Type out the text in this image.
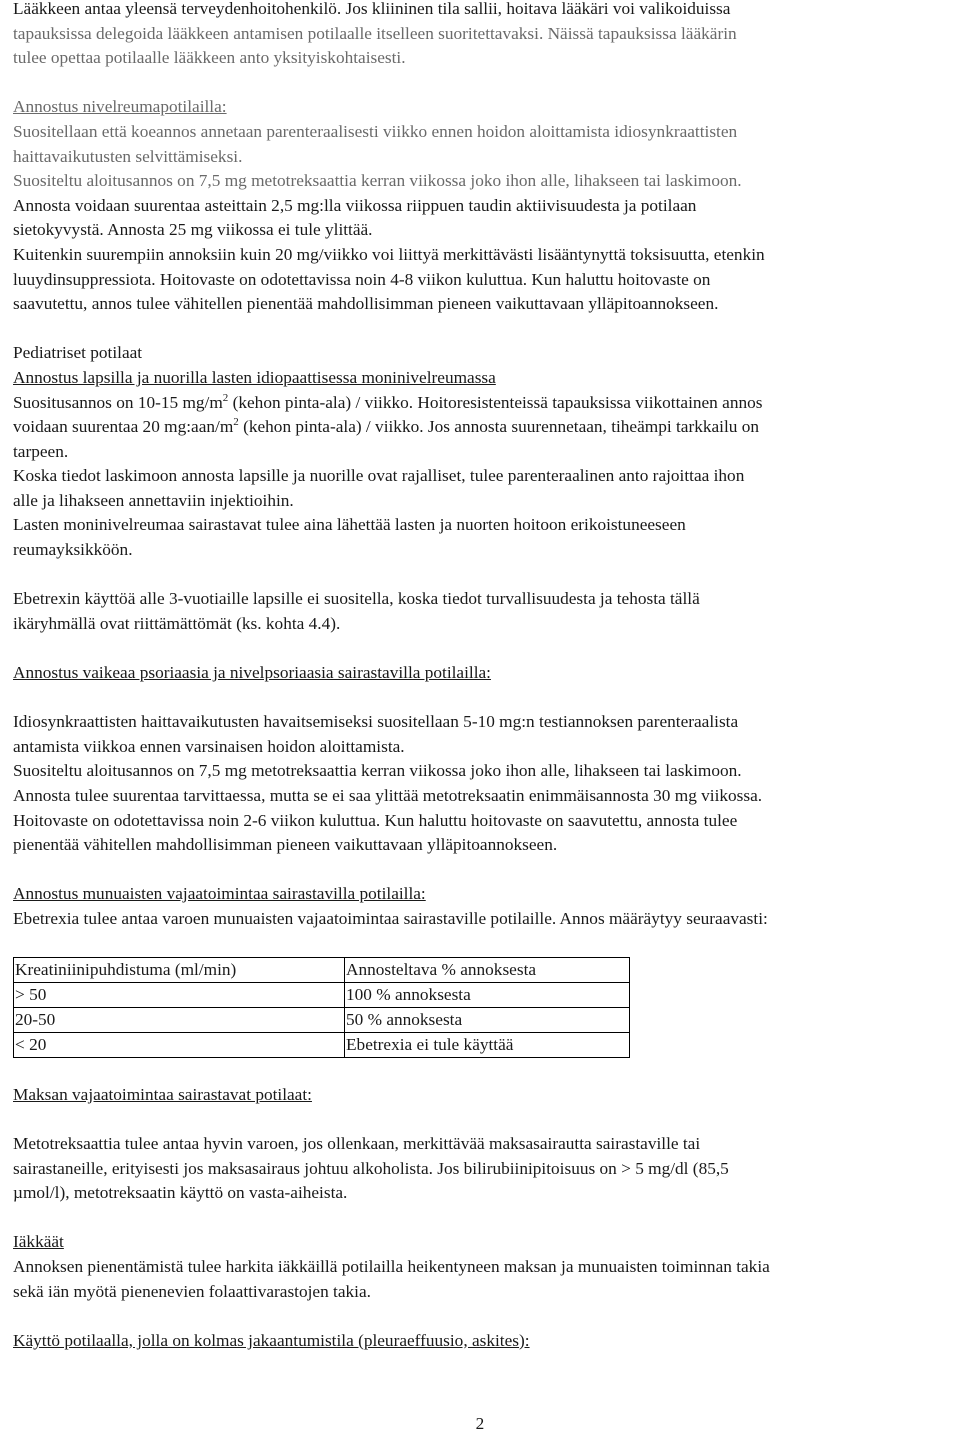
Lääkkeen antaa yleensä terveydenhoitohenkilö. Jos kliininen tila sallii, hoitava lääkäri voi valikoiduissa

tapauksissa delegoida lääkkeen antamisen potilaalle itselleen suoritettavaksi. Näissä tapauksissa lääkärin

tulee opettaa potilaalle lääkkeen anto yksityiskohtaisesti.

Annostus nivelreumapotilailla:

Suositellaan että koeannos annetaan parenteraalisesti viikko ennen hoidon aloittamista idiosynkraattisten

haittavaikutusten selvittämiseksi.

Suositeltu aloitusannos on 7,5 mg metotreksaattia kerran viikossa joko ihon alle, lihakseen tai laskimoon.

Annosta voidaan suurentaa asteittain 2,5 mg:lla viikossa riippuen taudin aktiivisuudesta ja potilaan

sietokyvystä. Annosta 25 mg viikossa ei tule ylittää.

Kuitenkin suurempiin annoksiin kuin 20 mg/viikko voi liittyä merkittävästi lisääntynyttä toksisuutta, etenkin

luuydinsuppressiota. Hoitovaste on odotettavissa noin 4-8 viikon kuluttua. Kun haluttu hoitovaste on

saavutettu, annos tulee vähitellen pienentää mahdollisimman pieneen vaikuttavaan ylläpitoannokseen.

Pediatriset potilaat

Annostus lapsilla ja nuorilla lasten idiopaattisessa moninivelreumassa

Suositusannos on 10-15 $mg/m^2$ (kehon pinta-ala) / viikko. Hoitoresistenteissä tapauksissa viikottainen annos

voidaan suurentaa 20 $mg:aan/m^2$ (kehon pinta-ala) / viikko. Jos annosta suurennetaan, tiheämpi tarkkailu on

tarpeen.

Koska tiedot laskimoon annosta lapsille ja nuorille ovat rajalliset, tulee parenteraalinen anto rajoittaa ihon

alle ja lihakseen annettaviin injektioihin.

Lasten moninivelreumaa sairastavat tulee aina lähettää lasten ja nuorten hoitoon erikoistuneeseen

reumayksikköön.

Ebetrexin käyttöä alle 3-vuotiaille lapsille ei suositella, koska tiedot turvallisuudesta ja tehosta tällä

ikäryhmällä ovat riittämättömät (ks. kohta 4.4).

Annostus vaikeaa psoriaasia ja nivelpsoriaasia sairastavilla potilailla:

Idiosynkraattisten haittavaikutusten havaitsemiseksi suositellaan 5-10 mg:n testiannoksen parenteraalista

antamista viikkoa ennen varsinaisen hoidon aloittamista.

Suositeltu aloitusannos on 7,5 mg metotreksaattia kerran viikossa joko ihon alle, lihakseen tai laskimoon.

Annosta tulee suurentaa tarvittaessa, mutta se ei saa ylittää metotreksaatin enimmäisannosta 30 mg viikossa.

Hoitovaste on odotettavissa noin 2-6 viikon kuluttua. Kun haluttu hoitovaste on saavutettu, annosta tulee

pienentää vähitellen mahdollisimman pieneen vaikuttavaan ylläpitoannokseen.

Annostus munuaisten vajaatoimintaa sairastavilla potilailla:

Ebetrexia tulee antaa varoen munuaisten vajaatoimintaa sairastaville potilaille. Annos määräytyy seuraavasti:

Kreatiniinipuhdistuma (ml/min)	Annosteltava % annoksesta
> 50	100 % annoksesta
20-50	50 % annoksesta
< 20	Ebetrexia ei tule käyttää

Maksan vajaatoimintaa sairastavat potilaat:

Metotreksaattia tulee antaa hyvin varoen, jos ollenkaan, merkittävää maksasairautta sairastaville tai

sairastaneille, erityisesti jos maksasairaus johtuu alkoholista. Jos bilirubiinipitoisuus on > 5 mg/dl (85,5

µmol/l), metotreksaatin käyttö on vasta-aiheista.

Iäkkäät

Annoksen pienentämistä tulee harkita iäkkäillä potilailla heikentyneen maksan ja munuaisten toiminnan takia

sekä iän myötä pienenevien folaattivarastojen takia.

Käyttö potilaalla, jolla on kolmas jakaantumistila (pleuraeffuusio, askites):

2
